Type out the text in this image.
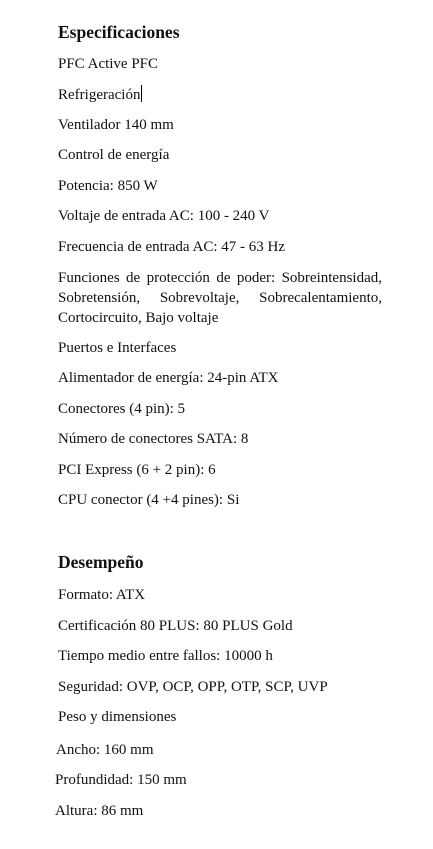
Especificaciones

PFC Active PFC

Refrigeración

Ventilador 140 mm

Control de energía

Potencia: 850 W

Voltaje de entrada AC: 100 - 240 V

Frecuencia de entrada AC: 47 - 63 Hz

Funciones de protección de poder: Sobreintensidad, Sobretensión, Sobrevoltaje, Sobrecalentamiento, Cortocircuito, Bajo voltaje

Puertos e Interfaces

Alimentador de energía: 24-pin ATX

Conectores (4 pin): 5

Número de conectores SATA: 8

PCI Express (6 + 2 pin): 6

CPU conector (4 +4 pines): Si

Desempeño

Formato: ATX

Certificación 80 PLUS: 80 PLUS Gold

Tiempo medio entre fallos: 10000 h

Seguridad: OVP, OCP, OPP, OTP, SCP, UVP

Peso y dimensiones

Ancho: 160 mm

Profundidad: 150 mm

Altura: 86 mm
